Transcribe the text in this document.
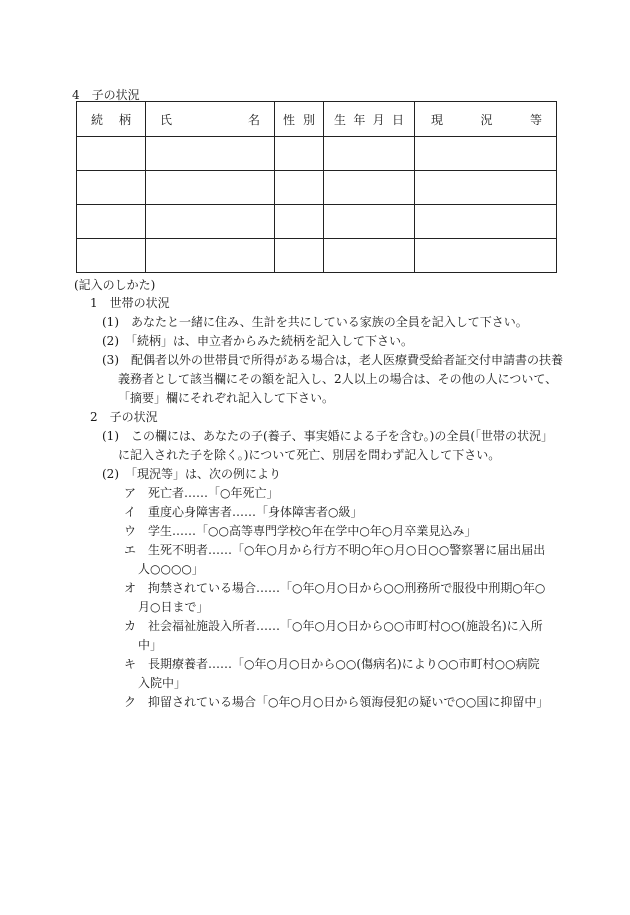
4　子の状況
続 柄	氏 名	性 別	生 年 月 日	現 況 等

(記入のしかた)
1　世帯の状況
(1)　あなたと一緒に住み、生計を共にしている家族の全員を記入して下さい。
(2)　「続柄」は、申立者からみた続柄を記入して下さい。
(3)　配偶者以外の世帯員で所得がある場合は，老人医療費受給者証交付申請書の扶養
義務者として該当欄にその額を記入し、2人以上の場合は、その他の人について、
「摘要」欄にそれぞれ記入して下さい。
2　子の状況
(1)　この欄には、あなたの子(養子、事実婚による子を含む。)の全員(「世帯の状況」
に記入された子を除く。)について死亡、別居を問わず記入して下さい。
(2)　「現況等」は、次の例により
ア　死亡者……「○年死亡」
イ　重度心身障害者……「身体障害者○級」
ウ　学生……「○○高等専門学校○年在学中○年○月卒業見込み」
エ　生死不明者……「○年○月から行方不明○年○月○日○○警察署に届出届出
人○○○○」
オ　拘禁されている場合……「○年○月○日から○○刑務所で服役中刑期○年○
月○日まで」
カ　社会福祉施設入所者……「○年○月○日から○○市町村○○(施設名)に入所
中」
キ　長期療養者……「○年○月○日から○○(傷病名)により○○市町村○○病院
入院中」
ク　抑留されている場合「○年○月○日から領海侵犯の疑いで○○国に抑留中」
